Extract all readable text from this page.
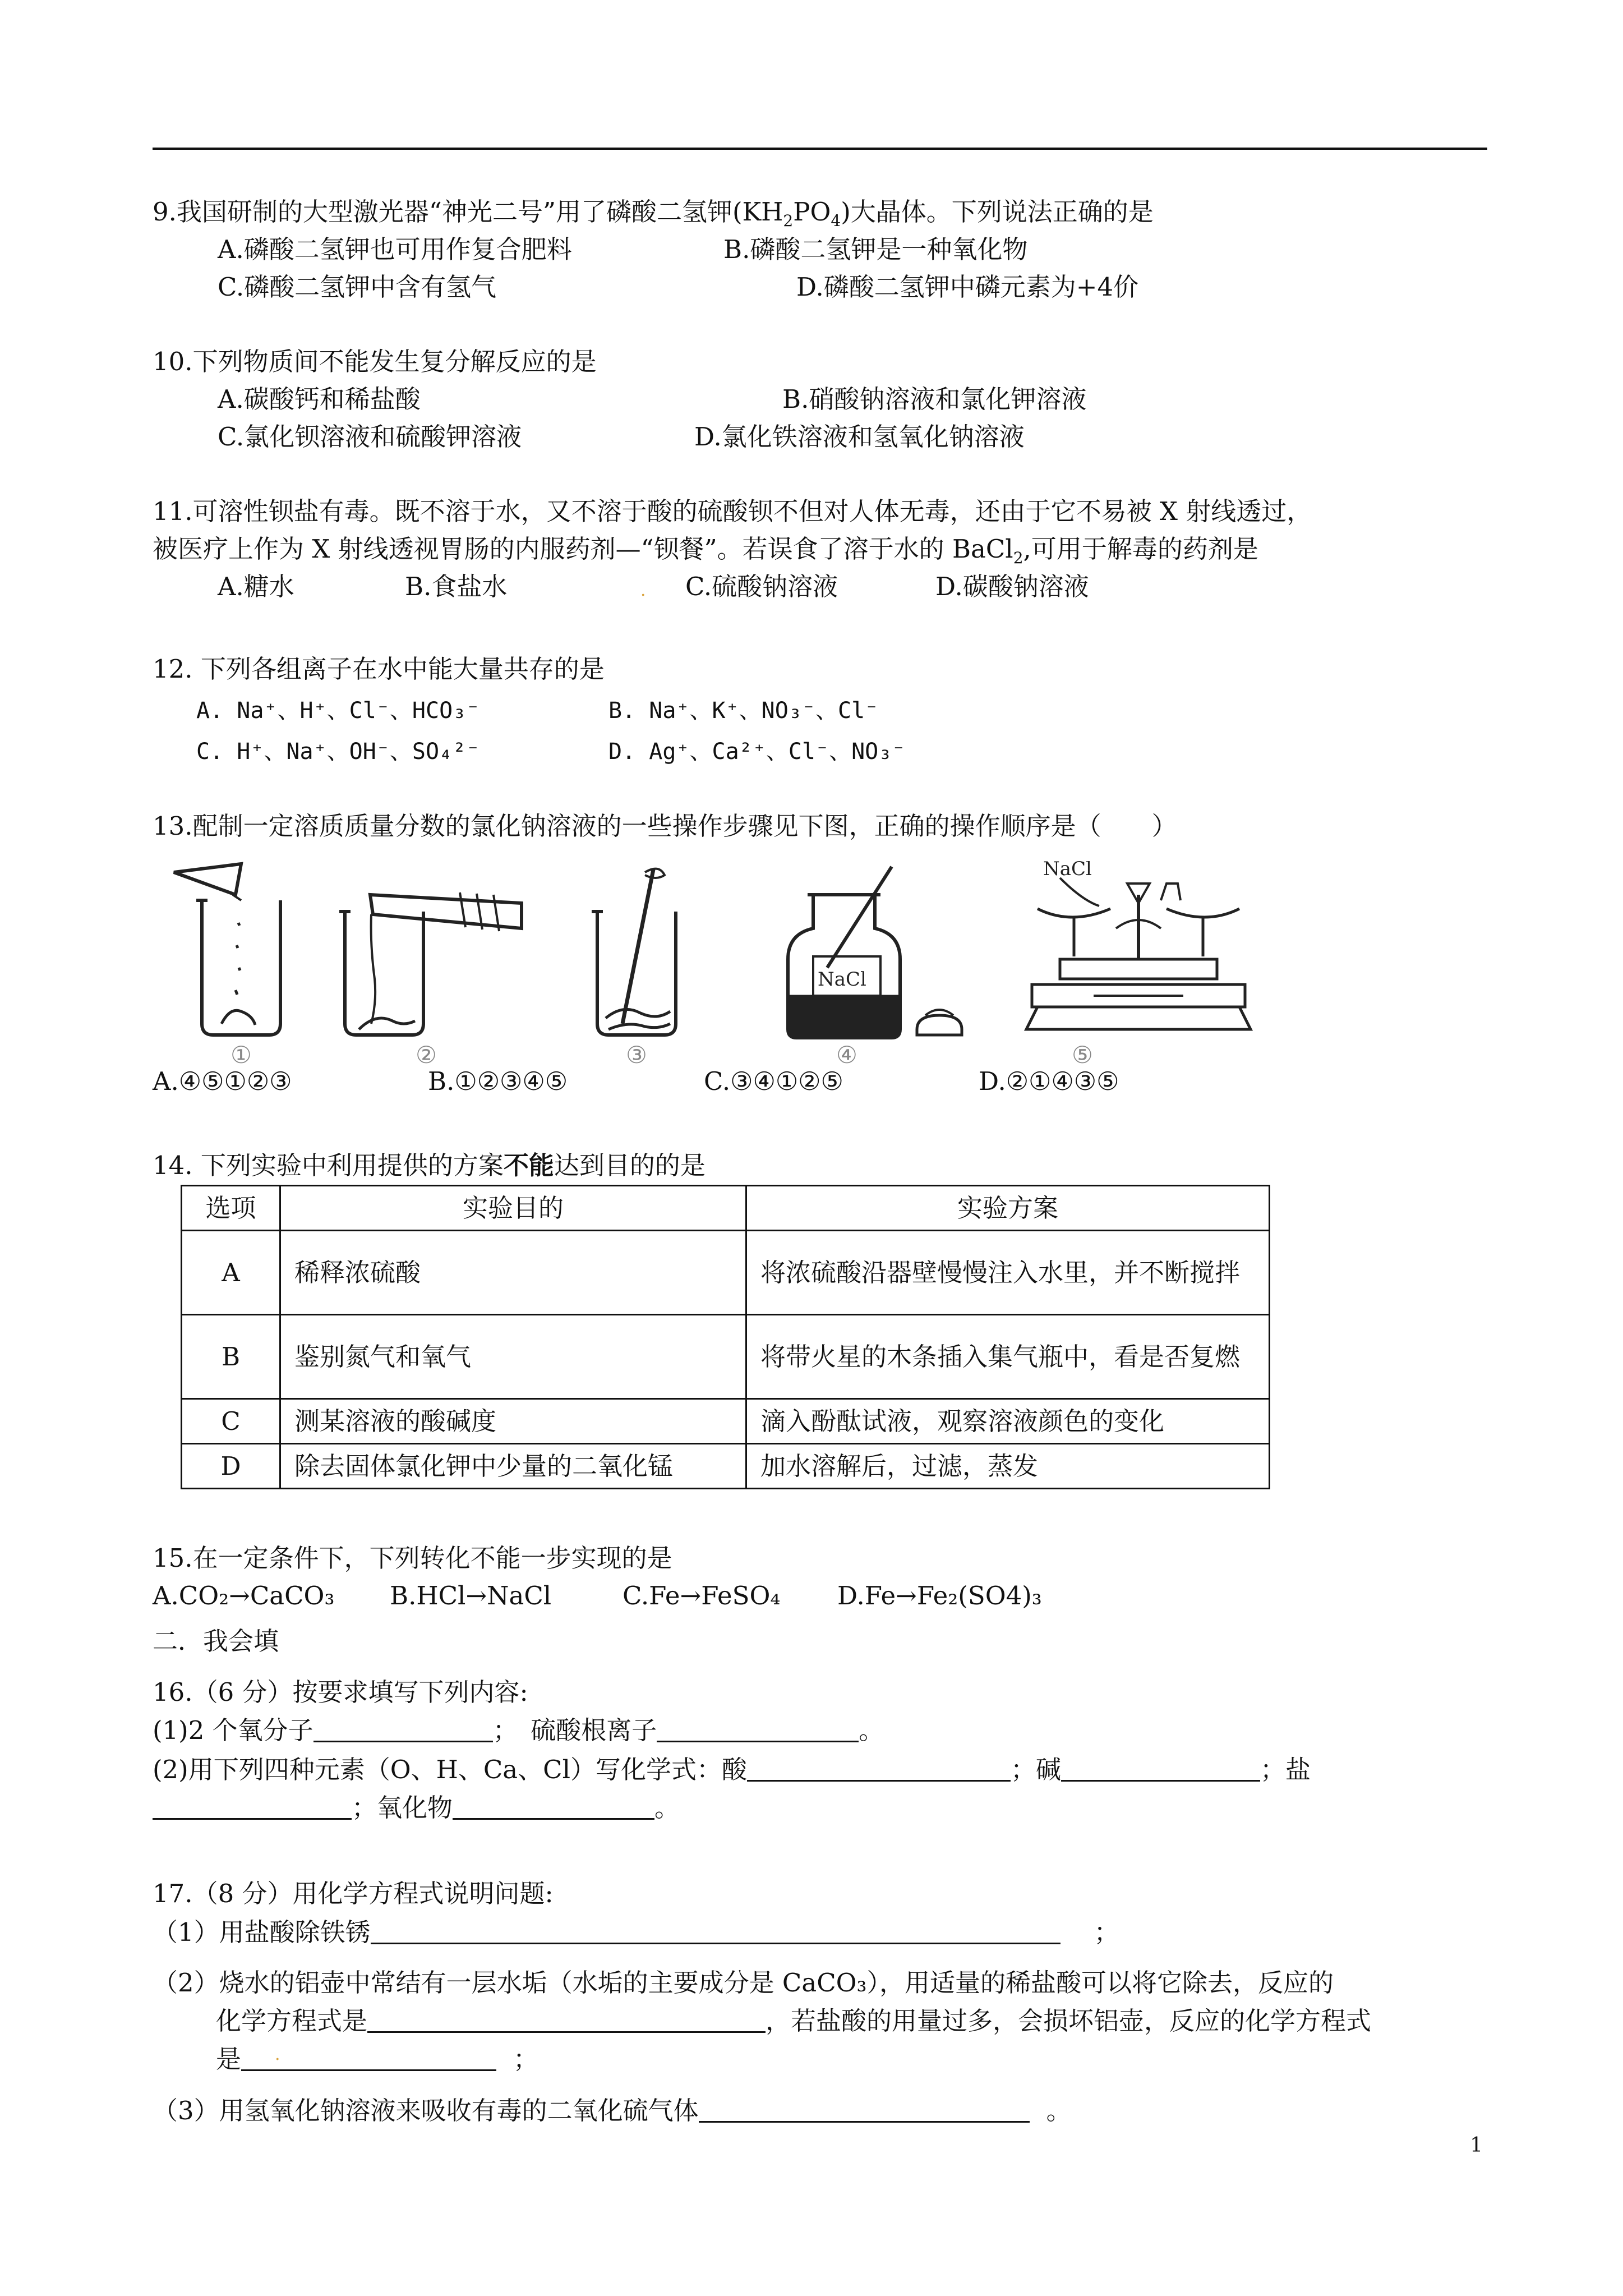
9.我国研制的大型激光器“神光二号”用了磷酸二氢钾$(KH_2PO_4)$大晶体。下列说法正确的是
A.磷酸二氢钾也可用作复合肥料	B.磷酸二氢钾是一种氧化物
C.磷酸二氢钾中含有氢气	D.磷酸二氢钾中磷元素为+4价
10.下列物质间不能发生复分解反应的是
A.碳酸钙和稀盐酸	B.硝酸钠溶液和氯化钾溶液
C.氯化钡溶液和硫酸钾溶液	D.氯化铁溶液和氢氧化钠溶液
11.可溶性钡盐有毒。既不溶于水，又不溶于酸的硫酸钡不但对人体无毒，还由于它不易被 X 射线透过，
被医疗上作为 X 射线透视胃肠的内服药剂—“钡餐”。若误食了溶于水的 BaCl$_2$,可用于解毒的药剂是
A.糖水	B.食盐水	C.硫酸钠溶液	D.碳酸钠溶液
.
12. 下列各组离子在水中能大量共存的是
A. Na⁺、H⁺、Cl⁻、HCO₃⁻	B. Na⁺、K⁺、NO₃⁻、Cl⁻
C. H⁺、Na⁺、OH⁻、SO₄²⁻	D. Ag⁺、Ca²⁺、Cl⁻、NO₃⁻
13.配制一定溶质质量分数的氯化钠溶液的一些操作步骤见下图，正确的操作顺序是（　　）
NaCl
NaCl
①	②	③	④	⑤
A.④⑤①②③	B.①②③④⑤	C.③④①②⑤	D.②①④③⑤
14. 下列实验中利用提供的方案不能达到目的的是
选项	实验目的	实验方案
A	稀释浓硫酸	将浓硫酸沿器壁慢慢注入水里，并不断搅拌
B	鉴别氮气和氧气	将带火星的木条插入集气瓶中，看是否复燃
C	测某溶液的酸碱度	滴入酚酞试液，观察溶液颜色的变化
D	除去固体氯化钾中少量的二氧化锰	加水溶解后，过滤，蒸发
15.在一定条件下，下列转化不能一步实现的是
A.CO₂→CaCO₃ B.HCl→NaCl	C.Fe→FeSO₄ D.Fe→Fe₂(SO4)₃
二．我会填
16.（6 分）按要求填写下列内容:
(1)2 个氧分子	；　硫酸根离子	。
(2)用下列四种元素（O、H、Ca、Cl）写化学式：酸	；碱	；盐
；氧化物	。
17.（8 分）用化学方程式说明问题:
（1）用盐酸除铁锈	；
（2）烧水的铝壶中常结有一层水垢（水垢的主要成分是 CaCO₃），用适量的稀盐酸可以将它除去，反应的
化学方程式是	，若盐酸的用量过多，会损坏铝壶，反应的化学方程式
是	；
.
（3）用氢氧化钠溶液来吸收有毒的二氧化硫气体	。
1
